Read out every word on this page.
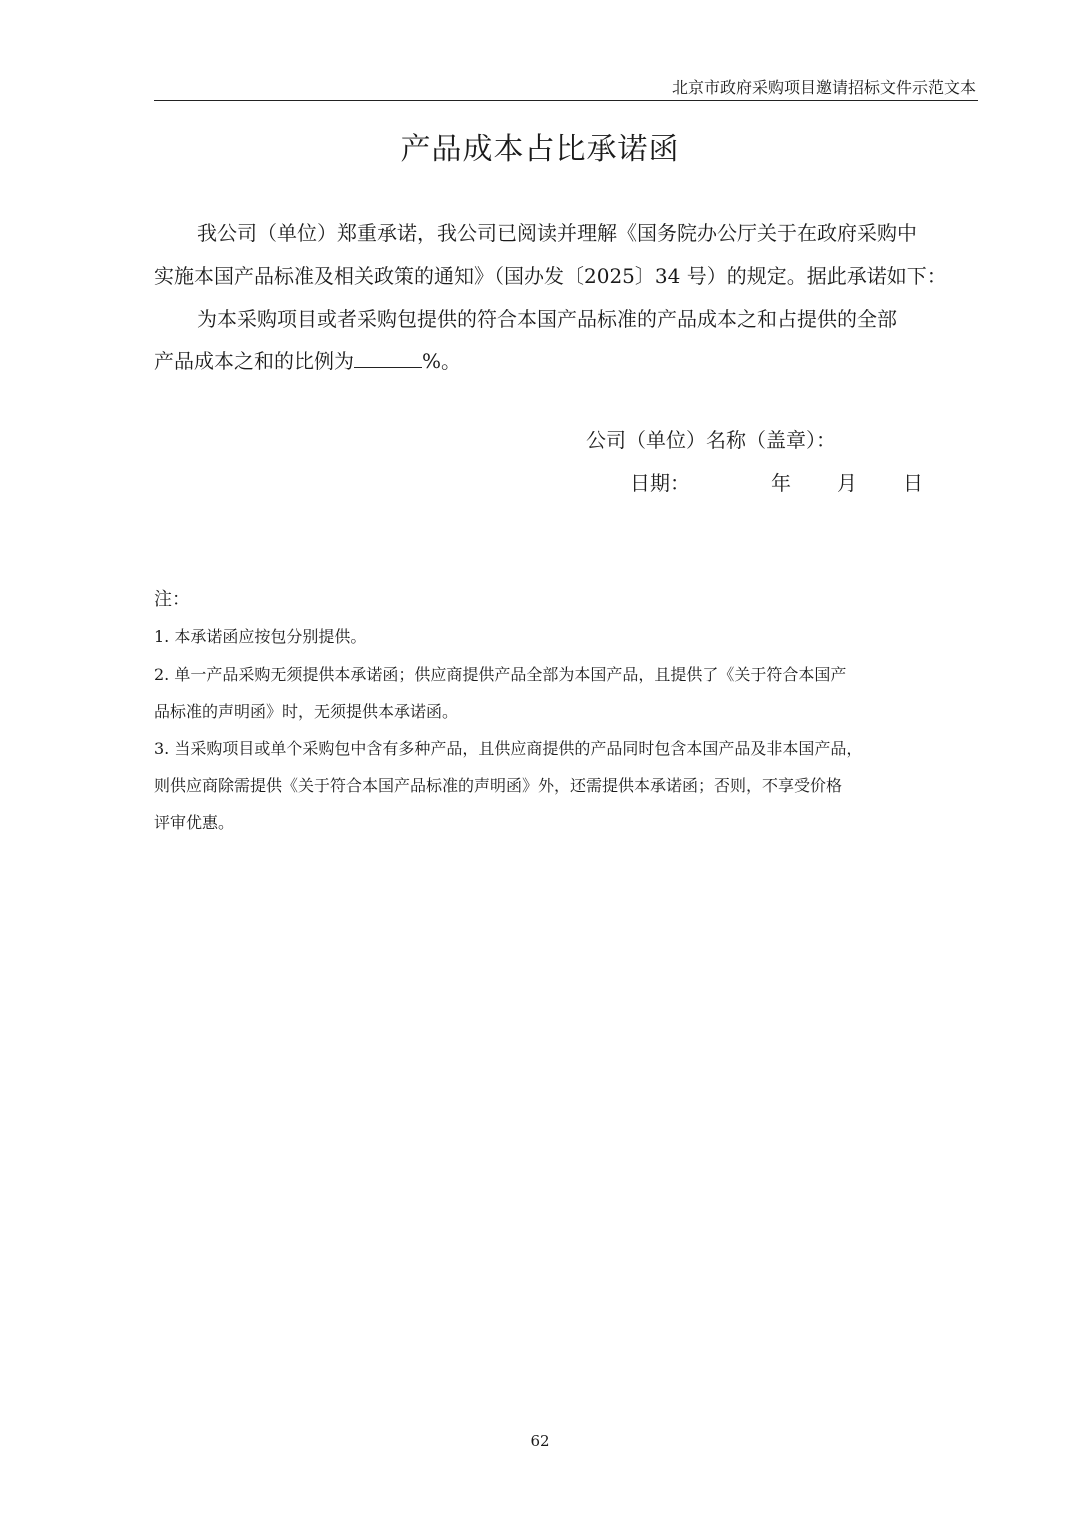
北京市政府采购项目邀请招标文件示范文本
产品成本占比承诺函
我公司（单位）郑重承诺，我公司已阅读并理解《国务院办公厅关于在政府采购中
实施本国产品标准及相关政策的通知》（国办发〔2025〕34 号）的规定。据此承诺如下：
为本采购项目或者采购包提供的符合本国产品标准的产品成本之和占提供的全部
产品成本之和的比例为	%。
公司（单位）名称（盖章）：
日期：	年 月 日
注：
1. 本承诺函应按包分别提供。
2. 单一产品采购无须提供本承诺函；供应商提供产品全部为本国产品，且提供了《关于符合本国产
品标准的声明函》时，无须提供本承诺函。
3. 当采购项目或单个采购包中含有多种产品，且供应商提供的产品同时包含本国产品及非本国产品，
则供应商除需提供《关于符合本国产品标准的声明函》外，还需提供本承诺函；否则，不享受价格
评审优惠。
62
